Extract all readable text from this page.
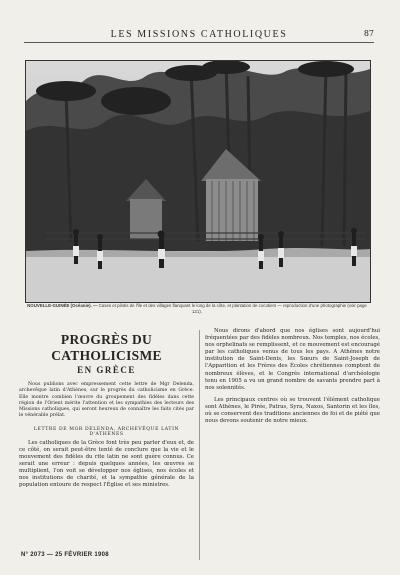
LES MISSIONS CATHOLIQUES	87
NOUVELLE-GUINÉE (Océanie). — Cases et pilotis de l'île et des villages flanquant le long de la côte, et plantation de cocotiers — reproduction d'une photographie (voir page 121).
PROGRÈS DU CATHOLICISME
EN GRÈCE

Nous publions avec empressement cette lettre de Mgr Delenda, archevêque latin d'Athènes, sur le progrès du catholicisme en Grèce. Elle montre combien l'œuvre du groupement des fidèles dans cette région de l'Orient mérite l'attention et les sympathies des lecteurs des Missions catholiques, qui seront heureux de connaître les faits cités par le vénérable prélat.

LETTRE DE MGR DELENDA, ARCHEVÊQUE LATIN D'ATHÈNES

Les catholiques de la Grèce font très peu parler d'eux et, de ce côté, on serait peut-être tenté de conclure que la vie et le mouvement des fidèles du rite latin ne sont guère connus. Ce serait une erreur : depuis quelques années, les œuvres se multiplient, l'on voit se développer nos églises, nos écoles et nos institutions de charité, et la sympathie générale de la population entoure de respect l'Église et ses ministres.

Nous dirons d'abord que nos églises sont aujourd'hui fréquentées par des fidèles nombreux. Nos temples, nos écoles, nos orphelinats se remplissent, et ce mouvement est encouragé par les catholiques venus de tous les pays. A Athènes notre institution de Saint-Denis, les Sœurs de Saint-Joseph de l'Apparition et les Frères des Écoles chrétiennes comptent de nombreux élèves, et le Congrès international d'archéologie tenu en 1905 a vu un grand nombre de savants prendre part à nos solennités.

Les principaux centres où se trouvent l'élément catholique sont Athènes, le Pirée, Patras, Syra, Naxos, Santorin et les îles, où se conservent des traditions anciennes de foi et de piété que nous devons soutenir de notre mieux.

N° 2073 — 25 FÉVRIER 1908
